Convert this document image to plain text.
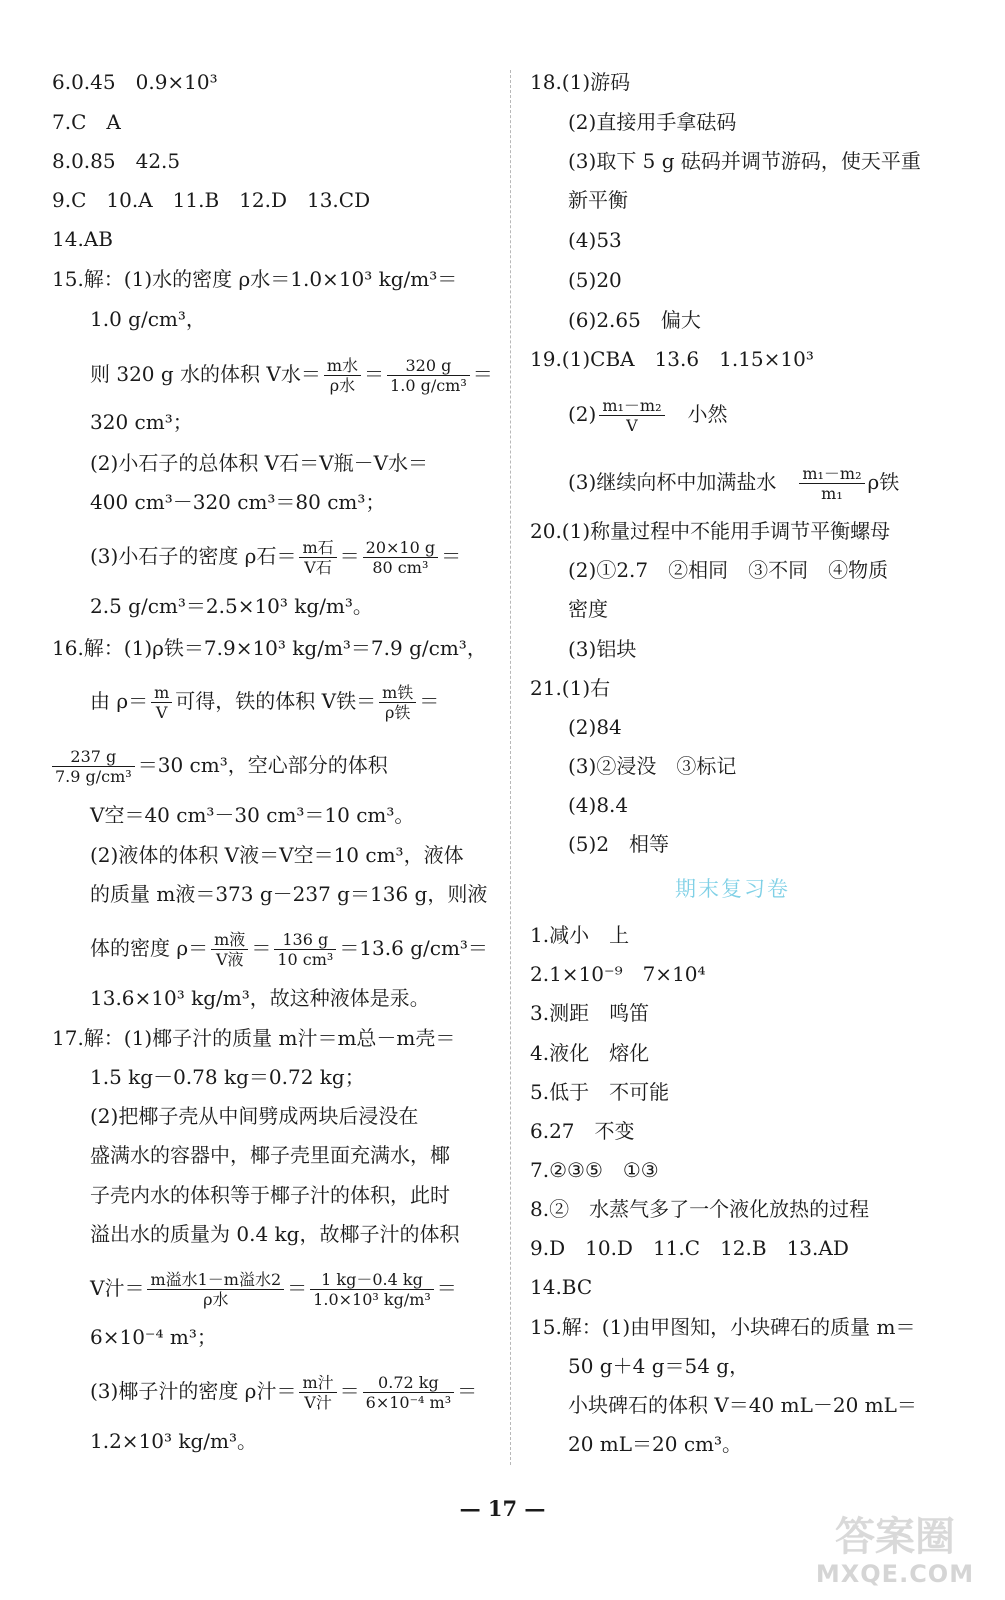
6.0.45　0.9×10³
7.C　A
8.0.85　42.5
9.C　10.A　11.B　12.D　13.CD
14.AB
15.解：(1)水的密度 ρ水＝1.0×10³ kg/m³＝
1.0 g/cm³，
则 320 g 水的体积 V水＝ $\frac{\text{m水}}{\text{ρ水}} = \frac{320 g}{\text{1.0 g/cm³}}$ ＝
320 cm³；
(2)小石子的总体积 V石＝V瓶－V水＝
400 cm³－320 cm³＝80 cm³；
(3)小石子的密度 ρ石＝ $\frac{\text{m石}}{\text{V石}} = \frac{20\times 10 g}{\text{80 cm³}}$ ＝
2.5 g/cm³＝2.5×10³ kg/m³。
16.解：(1)ρ铁＝7.9×10³ kg/m³＝7.9 g/cm³，
由 $\rho= \frac{m}{V}$ 可得，铁的体积 V铁＝ $\frac{\text{m铁}}{\text{ρ铁}}$ ＝
$\frac{237 g}{\text{7.9 g/cm³}} =30$ cm³，空心部分的体积
V空＝40 cm³－30 cm³＝10 cm³。
(2)液体的体积 V液＝V空＝10 cm³，液体
的质量 m液＝373 g－237 g＝136 g，则液
体的密度 $\rho= \frac{\text{m液}}{\text{V液}} = \frac{136 g}{\text{10 cm³}} =13.6$ g/cm³＝
13.6×10³ kg/m³，故这种液体是汞。
17.解：(1)椰子汁的质量 m汁＝m总－m壳＝
1.5 kg－0.78 kg＝0.72 kg；
(2)把椰子壳从中间劈成两块后浸没在
盛满水的容器中，椰子壳里面充满水，椰
子壳内水的体积等于椰子汁的体积，此时
溢出水的质量为 0.4 kg，故椰子汁的体积
V汁＝ $\frac{\text{m溢水1－m溢水2}}{\text{ρ水}} = \frac{1 kg-0.4 kg}{\text{1.0×10³ kg/m³}}$ ＝
6×10⁻⁴ m³；
(3)椰子汁的密度 ρ汁＝ $\frac{\text{m汁}}{\text{V汁}} = \frac{0.72 kg}{\text{6×10⁻⁴ m³}}$ ＝
1.2×10³ kg/m³。
18.(1)游码
(2)直接用手拿砝码
(3)取下 5 g 砝码并调节游码，使天平重
新平衡
(4)53
(5)20
(6)2.65　偏大
19.(1)CBA　13.6　1.15×10³
$(2) \frac{\text{m₁－m₂}}{V}$ 　小然
(3)继续向杯中加满盐水　 $\frac{\text{m₁－m₂}}{\text{m₁}}$ ρ铁
20.(1)称量过程中不能用手调节平衡螺母
(2)①2.7　②相同　③不同　④物质
密度
(3)铝块
21.(1)右
(2)84
(3)②浸没　③标记
(4)8.4
(5)2　相等
期末复习卷
1.减小　上
2.1×10⁻⁹　7×10⁴
3.测距　鸣笛
4.液化　熔化
5.低于　不可能
6.27　不变
7.②③⑤　①③
8.②　水蒸气多了一个液化放热的过程
9.D　10.D　11.C　12.B　13.AD
14.BC
15.解：(1)由甲图知，小块碑石的质量 m＝
50 g＋4 g＝54 g，
小块碑石的体积 V＝40 mL－20 mL＝
20 mL＝20 cm³。
— 17 —
答案圈
MXQE.COM
